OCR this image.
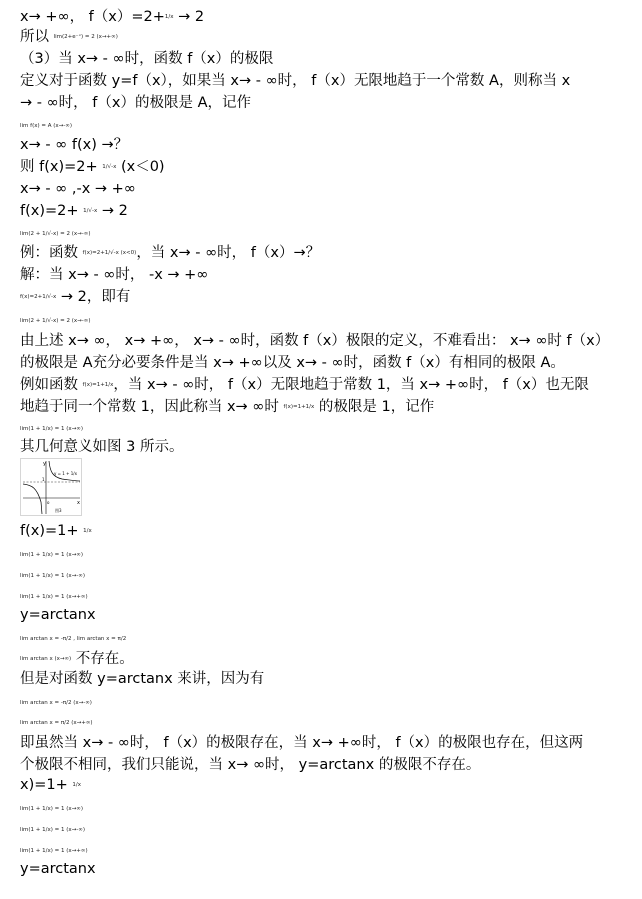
x→ +∞， f（x）=2+1/x → 2
所以 lim(2+e⁻ˣ) = 2 (x→+∞)
（3）当 x→ - ∞时，函数 f（x）的极限
定义对于函数 y=f（x），如果当 x→ - ∞时， f（x）无限地趋于一个常数 A，则称当 x
→ - ∞时， f（x）的极限是 A，记作
lim f(x) = A (x→-∞)
x→ - ∞ f(x) →？
则 f(x)=2+ 1/√-x (x＜0)
x→ - ∞ ,-x → +∞
f(x)=2+ 1/√-x → 2
lim(2 + 1/√-x) = 2 (x→-∞)
例：函数 f(x)=2+1/√-x (x<0)，当 x→ - ∞时， f（x）→？
解：当 x→ - ∞时， -x → +∞
f(x)=2+1/√-x → 2，即有
lim(2 + 1/√-x) = 2 (x→-∞)
由上述 x→ ∞， x→ +∞， x→ - ∞时，函数 f（x）极限的定义，不难看出： x→ ∞时 f（x）
的极限是 A充分必要条件是当 x→ +∞以及 x→ - ∞时，函数 f（x）有相同的极限 A。
例如函数 f(x)=1+1/x，当 x→ - ∞时， f（x）无限地趋于常数 1，当 x→ +∞时， f（x）也无限
地趋于同一个常数 1，因此称当 x→ ∞时 f(x)=1+1/x 的极限是 1，记作
lim(1 + 1/x) = 1 (x→∞)
其几何意义如图 3 所示。
y
x
y = 1 + 1/x
o
1
图3
f(x)=1+ 1/x
lim(1 + 1/x) = 1 (x→∞)
lim(1 + 1/x) = 1 (x→-∞)
lim(1 + 1/x) = 1 (x→+∞)
y=arctanx
lim arctan x = -π/2 , lim arctan x = π/2
lim arctan x (x→∞) 不存在。
但是对函数 y=arctanx 来讲，因为有
lim arctan x = -π/2 (x→-∞)
lim arctan x = π/2 (x→+∞)
即虽然当 x→ - ∞时， f（x）的极限存在，当 x→ +∞时， f（x）的极限也存在，但这两
个极限不相同，我们只能说，当 x→ ∞时， y=arctanx 的极限不存在。
x)=1+ 1/x
lim(1 + 1/x) = 1 (x→∞)
lim(1 + 1/x) = 1 (x→-∞)
lim(1 + 1/x) = 1 (x→+∞)
y=arctanx
